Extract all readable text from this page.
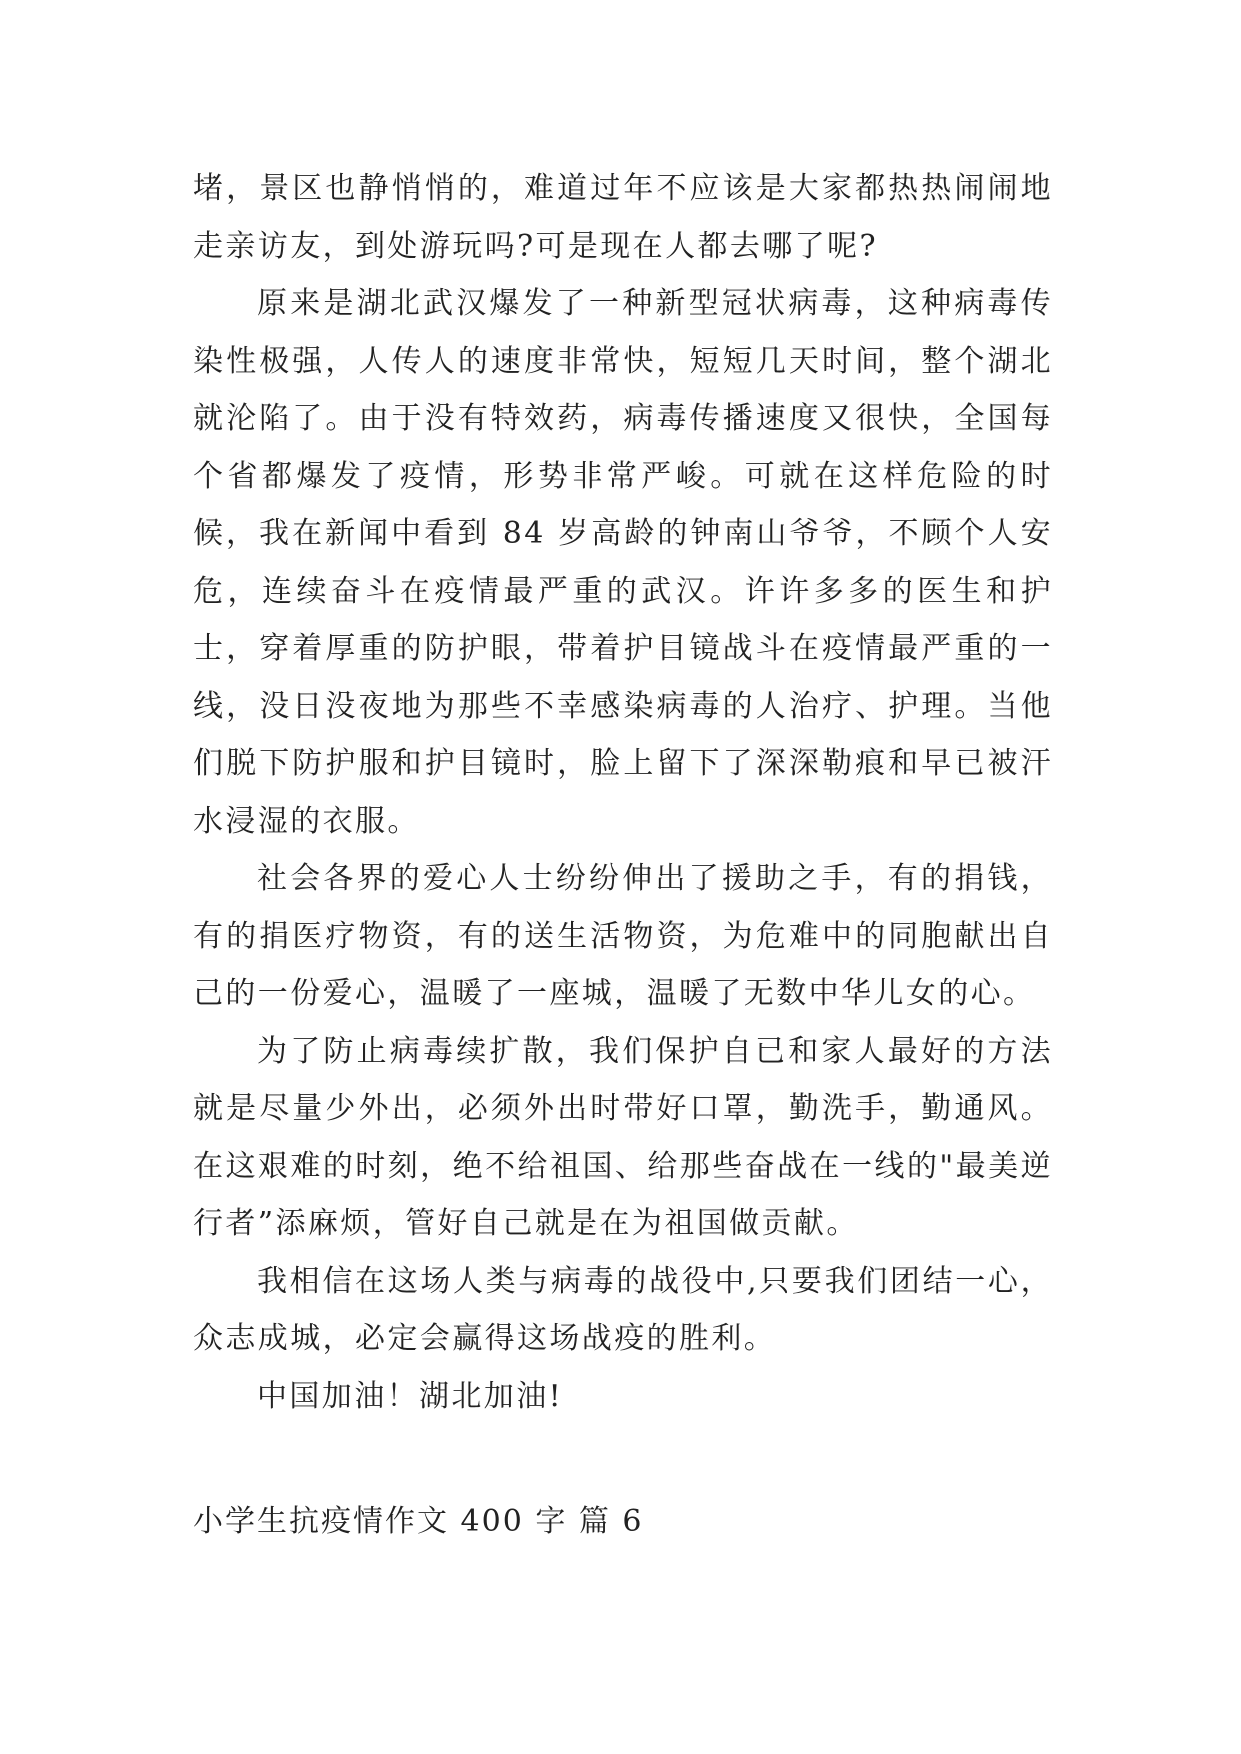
堵，景区也静悄悄的，难道过年不应该是大家都热热闹闹地走亲访友，到处游玩吗?可是现在人都去哪了呢?

原来是湖北武汉爆发了一种新型冠状病毒，这种病毒传染性极强，人传人的速度非常快，短短几天时间，整个湖北就沦陷了。由于没有特效药，病毒传播速度又很快，全国每个省都爆发了疫情，形势非常严峻。可就在这样危险的时候，我在新闻中看到 84 岁高龄的钟南山爷爷，不顾个人安危，连续奋斗在疫情最严重的武汉。许许多多的医生和护士，穿着厚重的防护眼，带着护目镜战斗在疫情最严重的一线，没日没夜地为那些不幸感染病毒的人治疗、护理。当他们脱下防护服和护目镜时，脸上留下了深深勒痕和早已被汗水浸湿的衣服。

社会各界的爱心人士纷纷伸出了援助之手，有的捐钱，有的捐医疗物资，有的送生活物资，为危难中的同胞献出自己的一份爱心，温暖了一座城，温暖了无数中华儿女的心。

为了防止病毒续扩散，我们保护自已和家人最好的方法就是尽量少外出，必须外出时带好口罩，勤洗手，勤通风。在这艰难的时刻，绝不给祖国、给那些奋战在一线的"最美逆行者”添麻烦，管好自己就是在为祖国做贡献。

我相信在这场人类与病毒的战役中,只要我们团结一心，众志成城，必定会赢得这场战疫的胜利。

中国加油！湖北加油!

小学生抗疫情作文 400 字 篇 6
